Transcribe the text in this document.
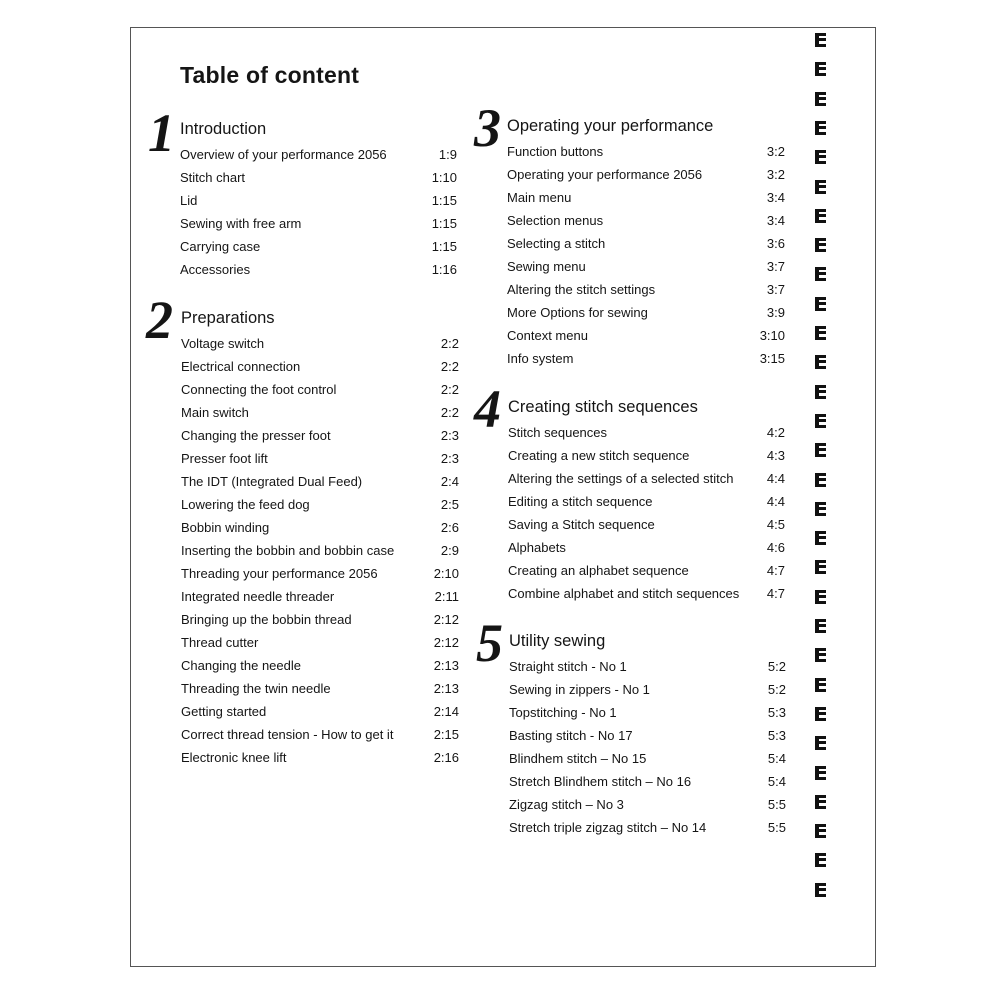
Table of content
1 Introduction
Overview of your performance 2056	1:9
Stitch chart	1:10
Lid	1:15
Sewing with free arm	1:15
Carrying case	1:15
Accessories	1:16
2 Preparations
Voltage switch	2:2
Electrical connection	2:2
Connecting the foot control	2:2
Main switch	2:2
Changing the presser foot	2:3
Presser foot lift	2:3
The IDT (Integrated Dual Feed)	2:4
Lowering the feed dog	2:5
Bobbin winding	2:6
Inserting the bobbin and bobbin case	2:9
Threading your performance 2056	2:10
Integrated needle threader	2:11
Bringing up the bobbin thread	2:12
Thread cutter	2:12
Changing the needle	2:13
Threading the twin needle	2:13
Getting started	2:14
Correct thread tension - How to get it	2:15
Electronic knee lift	2:16
3 Operating your performance
Function buttons	3:2
Operating your performance 2056	3:2
Main menu	3:4
Selection menus	3:4
Selecting a stitch	3:6
Sewing menu	3:7
Altering the stitch settings	3:7
More Options for sewing	3:9
Context menu	3:10
Info system	3:15
4 Creating stitch sequences
Stitch sequences	4:2
Creating a new stitch sequence	4:3
Altering the settings of a selected stitch	4:4
Editing a stitch sequence	4:4
Saving a Stitch sequence	4:5
Alphabets	4:6
Creating an alphabet sequence	4:7
Combine alphabet and stitch sequences 4:7
5 Utility sewing
Straight stitch - No 1	5:2
Sewing in zippers - No 1	5:2
Topstitching - No 1	5:3
Basting stitch - No 17	5:3
Blindhem stitch – No 15	5:4
Stretch Blindhem stitch – No 16	5:4
Zigzag stitch – No 3	5:5
Stretch triple zigzag stitch – No 14	5:5
